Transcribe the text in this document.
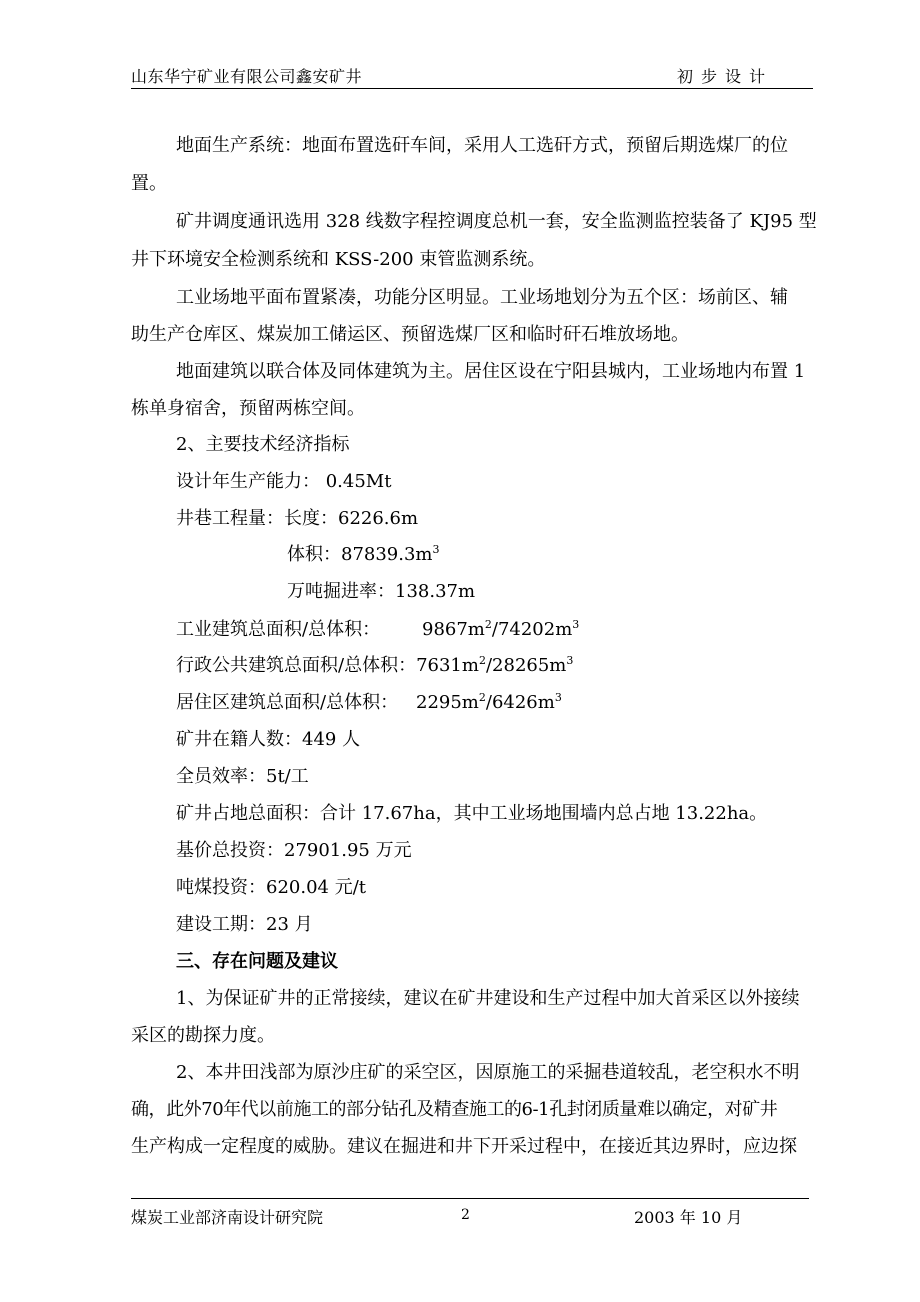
山东华宁矿业有限公司鑫安矿井	初步设计
地面生产系统：地面布置选矸车间，采用人工选矸方式，预留后期选煤厂的位
置。
矿井调度通讯选用 328 线数字程控调度总机一套，安全监测监控装备了 KJ95 型
井下环境安全检测系统和 KSS-200 束管监测系统。
工业场地平面布置紧凑，功能分区明显。工业场地划分为五个区：场前区、辅
助生产仓库区、煤炭加工储运区、预留选煤厂区和临时矸石堆放场地。
地面建筑以联合体及同体建筑为主。居住区设在宁阳县城内，工业场地内布置 1
栋单身宿舍，预留两栋空间。
2、主要技术经济指标
设计年生产能力： 0.45Mt
井巷工程量：长度：6226.6m
体积：$87839.3m^3$
万吨掘进率：138.37m
工业建筑总面积/总体积： $9867m^2/74202m^3$
行政公共建筑总面积/总体积：$7631m^2/28265m^3$
居住区建筑总面积/总体积： $2295m^2/6426m^3$
矿井在籍人数：449 人
全员效率：5t/工
矿井占地总面积：合计 17.67ha，其中工业场地围墙内总占地 13.22ha。
基价总投资：27901.95 万元
吨煤投资：620.04 元/t
建设工期：23 月
三、存在问题及建议
1、为保证矿井的正常接续，建议在矿井建设和生产过程中加大首采区以外接续
采区的勘探力度。
2、本井田浅部为原沙庄矿的采空区，因原施工的采掘巷道较乱，老空积水不明
确，此外70年代以前施工的部分钻孔及精查施工的6-1孔封闭质量难以确定，对矿井
生产构成一定程度的威胁。建议在掘进和井下开采过程中，在接近其边界时，应边探
煤炭工业部济南设计研究院	2	2003 年 10 月
